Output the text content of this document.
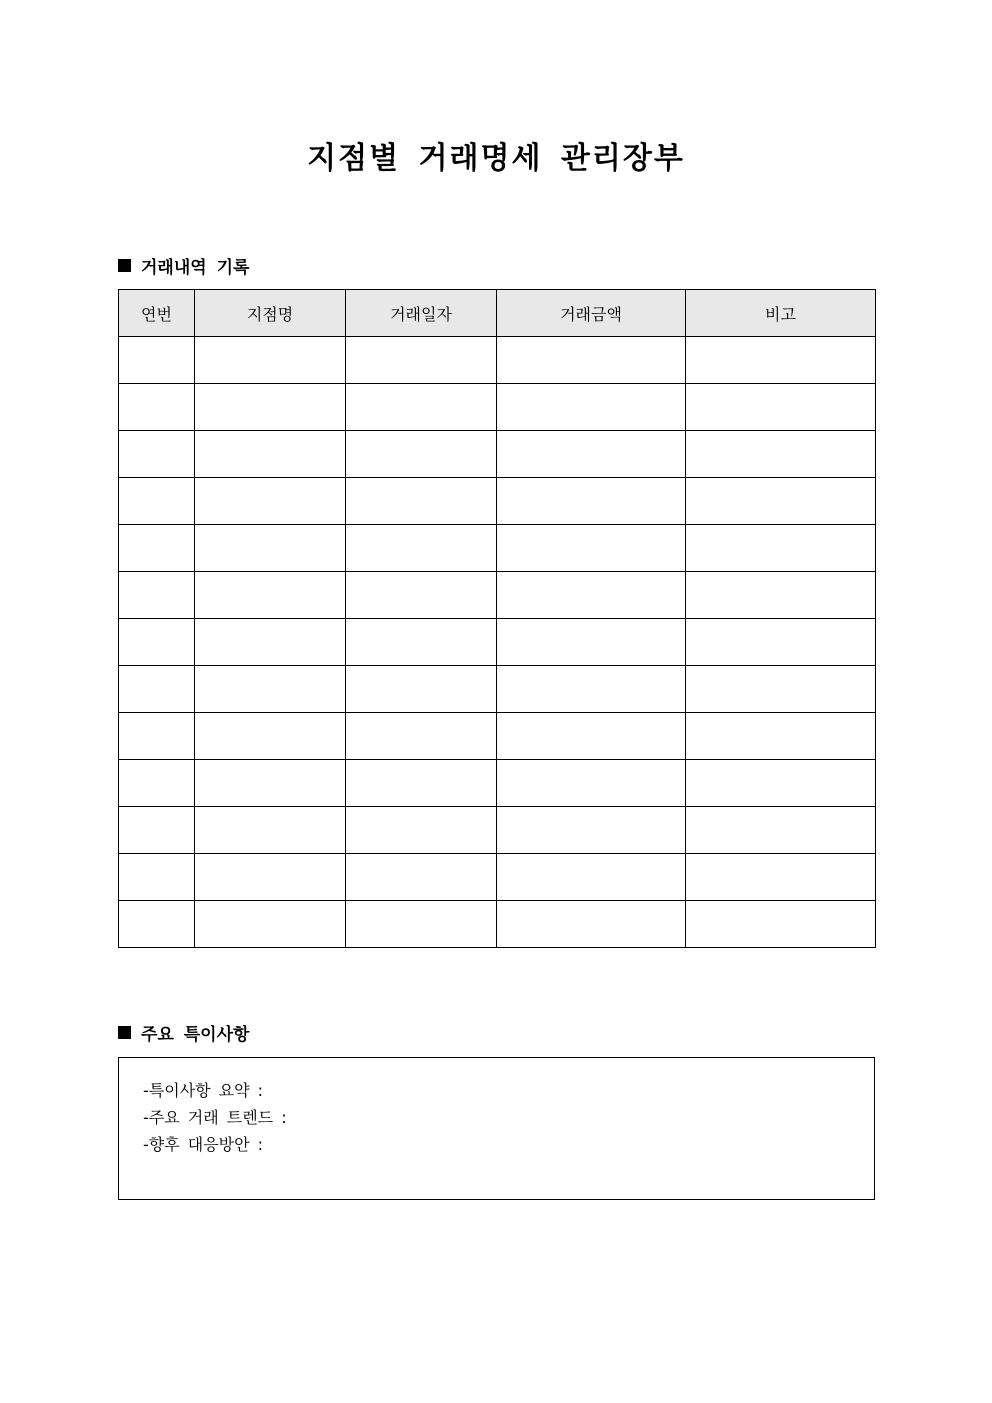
지점별 거래명세 관리장부
거래내역 기록
연번	지점명	거래일자	거래금액	비고

주요 특이사항
-특이사항 요약 :
-주요 거래 트렌드 :
-향후 대응방안 :
